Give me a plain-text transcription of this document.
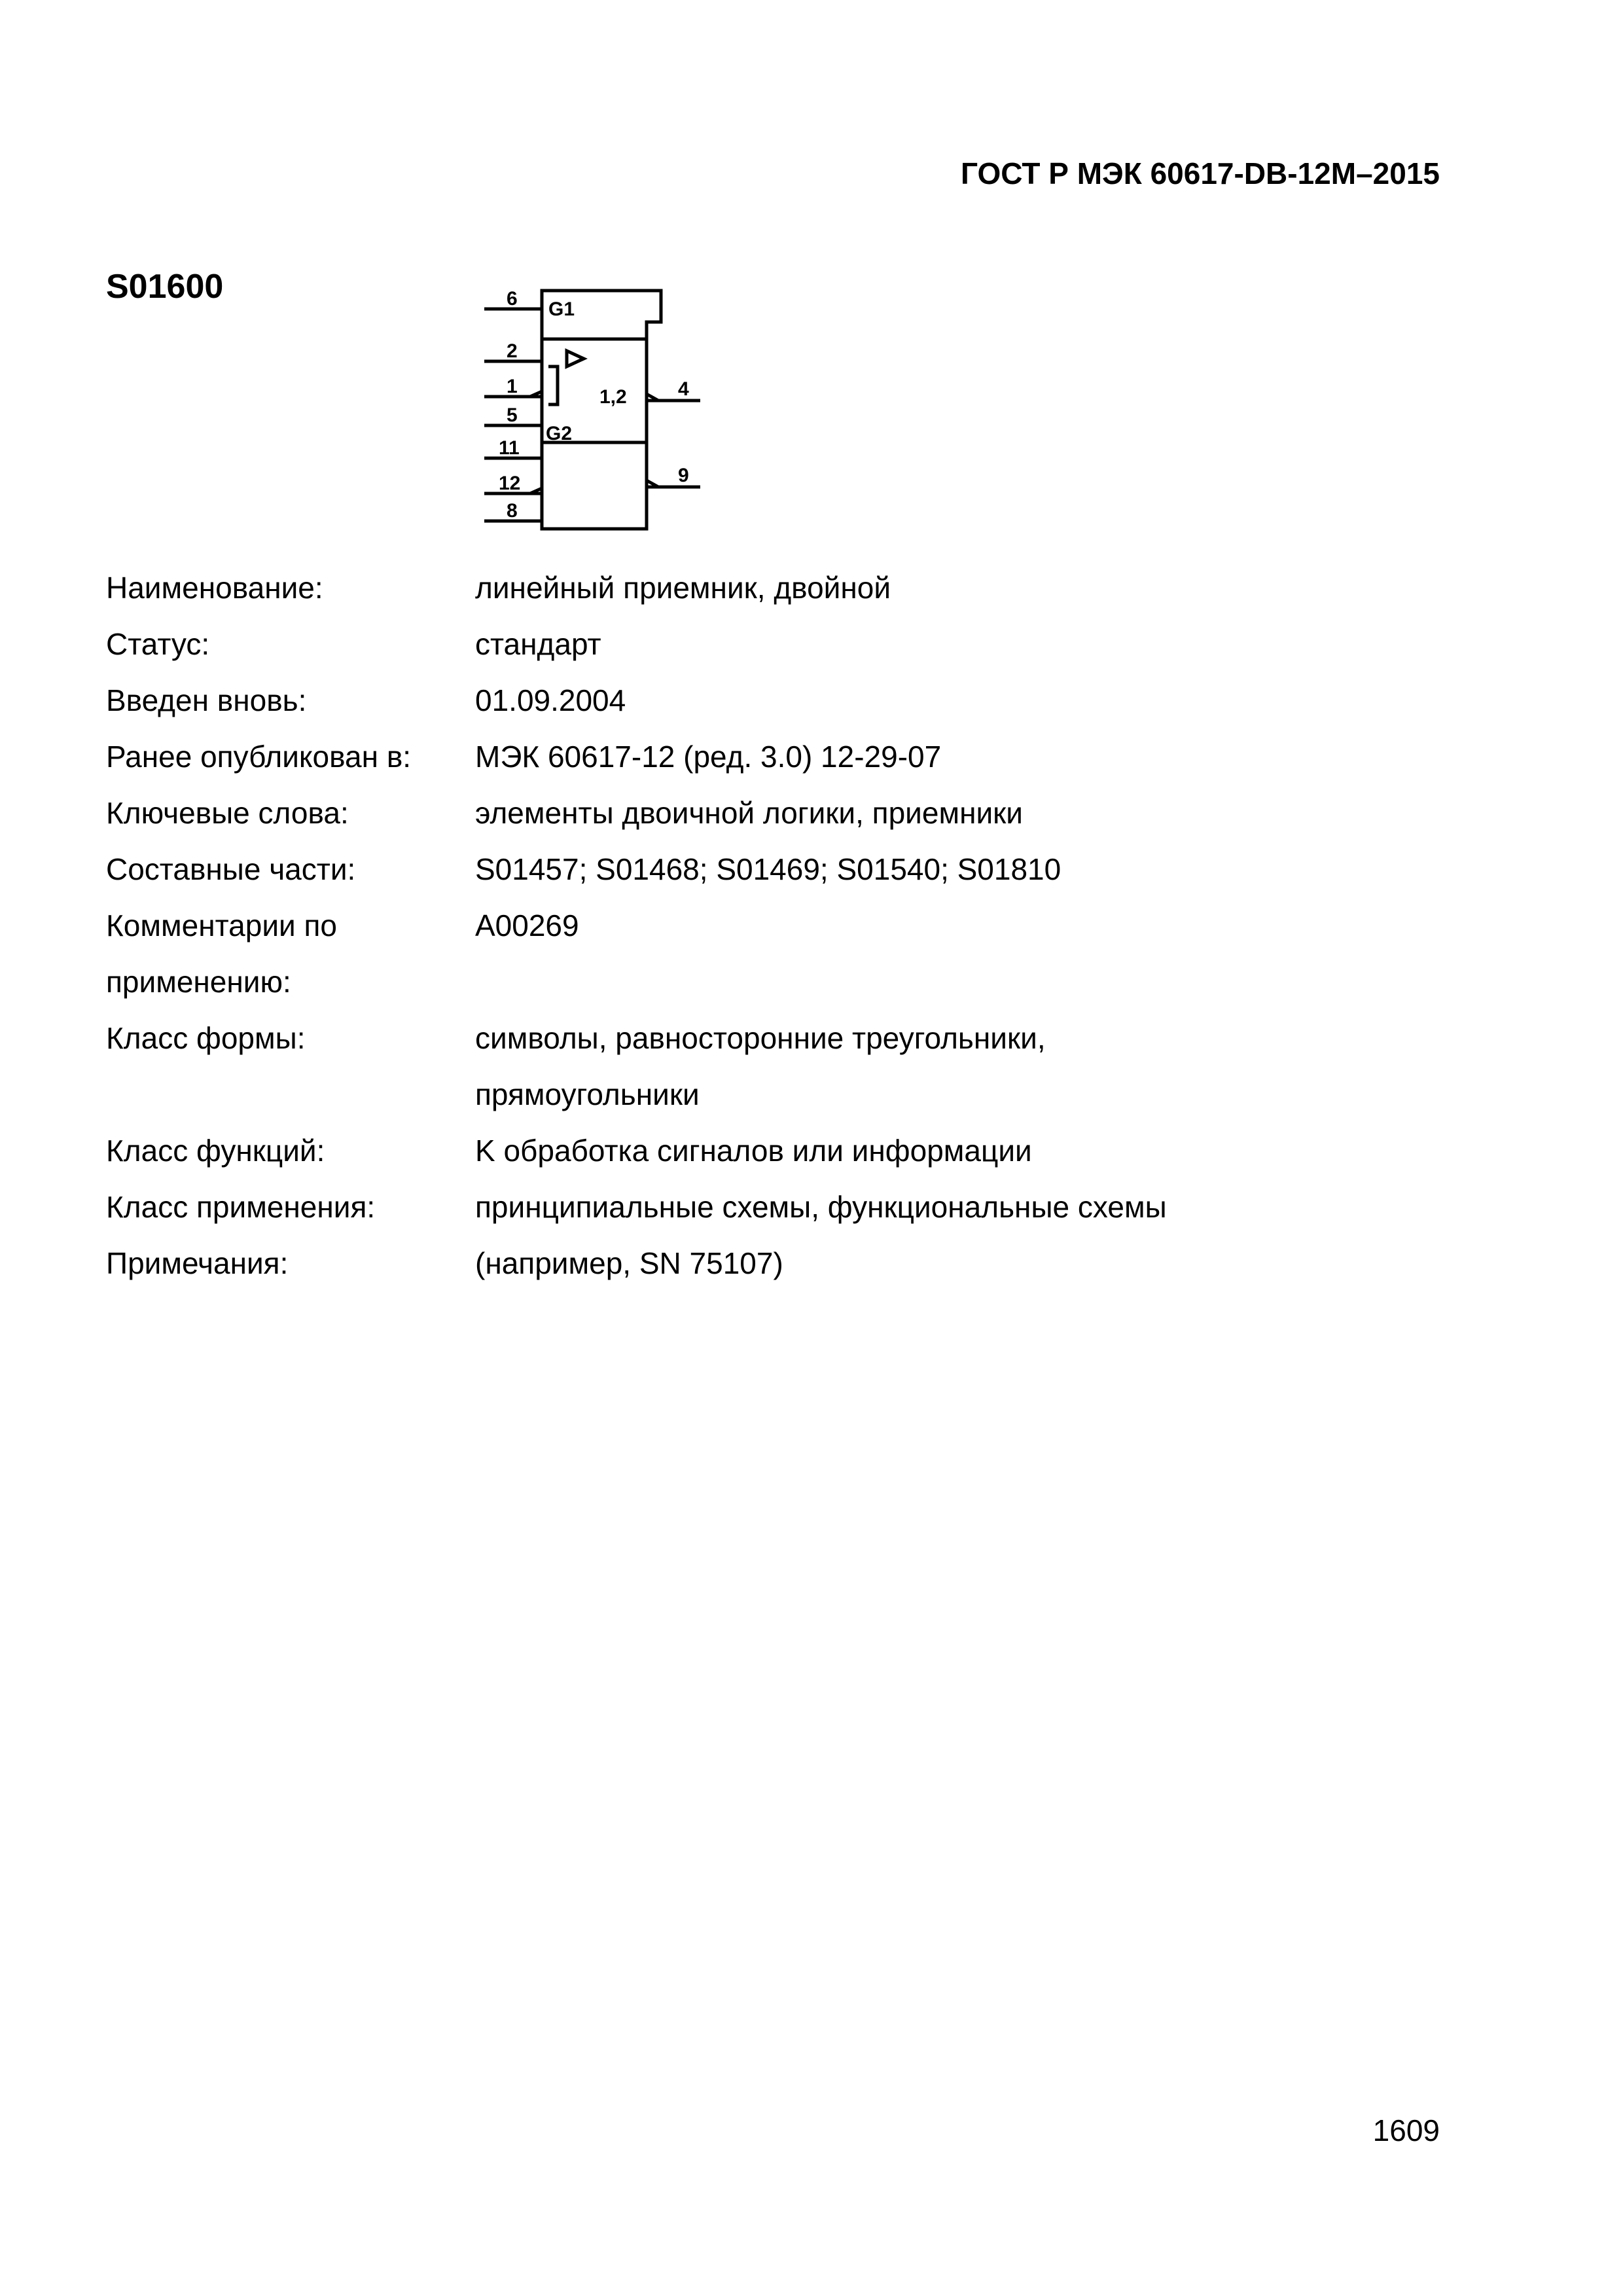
ГОСТ Р МЭК 60617-DB-12М–2015
S01600
G1
G2
1,2
6
2
1
5
11
12
8
4
9
Наименование:	линейный приемник, двойной
Статус:	стандарт
Введен вновь:	01.09.2004
Ранее опубликован в:	МЭК 60617-12 (ред. 3.0) 12-29-07
Ключевые слова:	элементы двоичной логики, приемники
Составные части:	S01457; S01468; S01469; S01540; S01810
Комментарии по	A00269
применению:

Класс формы:	символы, равносторонние треугольники,

прямоугольники
Класс функций:	K обработка сигналов или информации
Класс применения:	принципиальные схемы, функциональные схемы
Примечания:	(например, SN 75107)
1609
